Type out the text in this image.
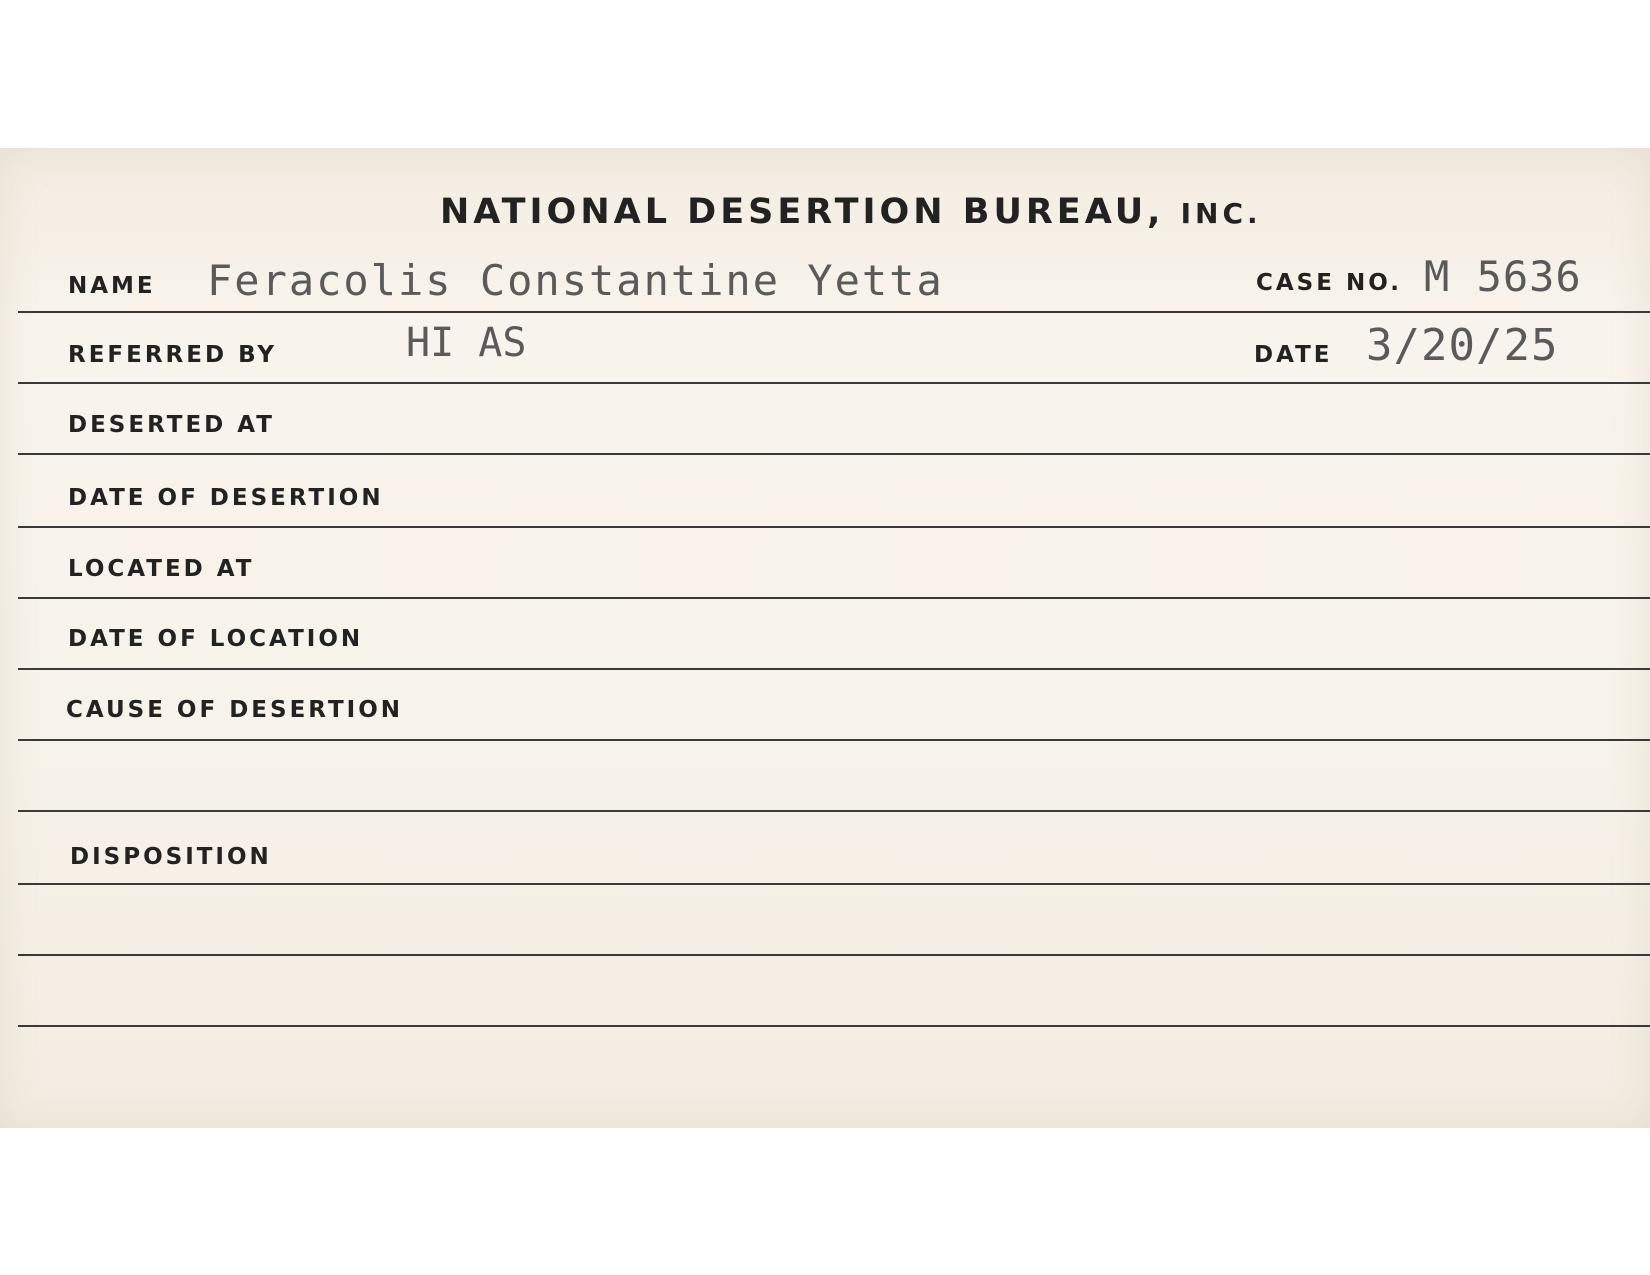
NATIONAL DESERTION BUREAU, INC.
NAME Feracolis Constantine Yetta	CASE NO. M 5636
REFERRED BY	HI AS	DATE 3/20/25
DESERTED AT
DATE OF DESERTION
LOCATED AT
DATE OF LOCATION
CAUSE OF DESERTION
DISPOSITION
